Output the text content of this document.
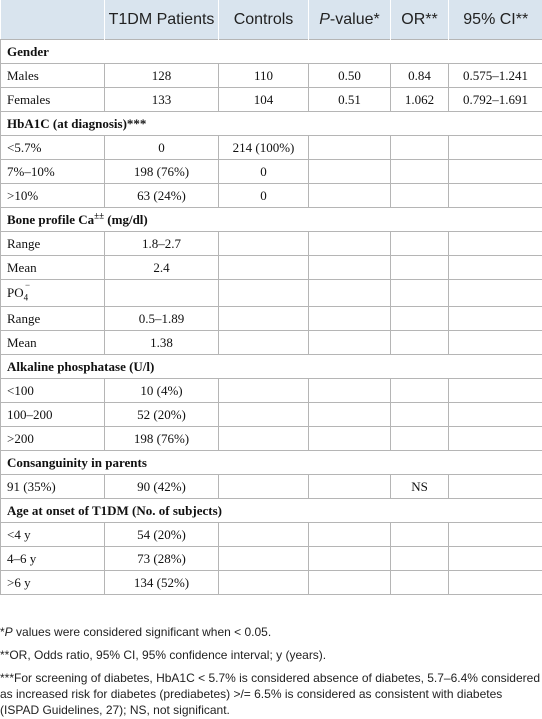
	T1DM Patients	Controls	P-value*	OR**	95% CI**
Gender					
Males	128	110	0.50	0.84	0.575–1.241
Females	133	104	0.51	1.062	0.792–1.691
HbA1C (at diagnosis)***					
<5.7%	0	214 (100%)			
7%–10%	198 (76%)	0			
>10%	63 (24%)	0			
Bone profile Ca±± (mg/dl)					
Range	1.8–2.7				
Mean	2.4				
$PO_4$
−					

Range	0.5–1.89				
Mean	1.38				
Alkaline phosphatase (U/l)					
<100	10 (4%)				
100–200	52 (20%)				
>200	198 (76%)				
Consanguinity in parents					
91 (35%)	90 (42%)			NS	
Age at onset of T1DM (No. of subjects)					
<4 y	54 (20%)				
4–6 y	73 (28%)				
>6 y	134 (52%)				

*P values were considered significant when < 0.05.

**OR, Odds ratio, 95% CI, 95% confidence interval; y (years).

***For screening of diabetes, HbA1C < 5.7% is considered absence of diabetes, 5.7–6.4% considered as increased risk for diabetes (prediabetes) >/= 6.5% is considered as consistent with diabetes (ISPAD Guidelines, 27); NS, not significant.
